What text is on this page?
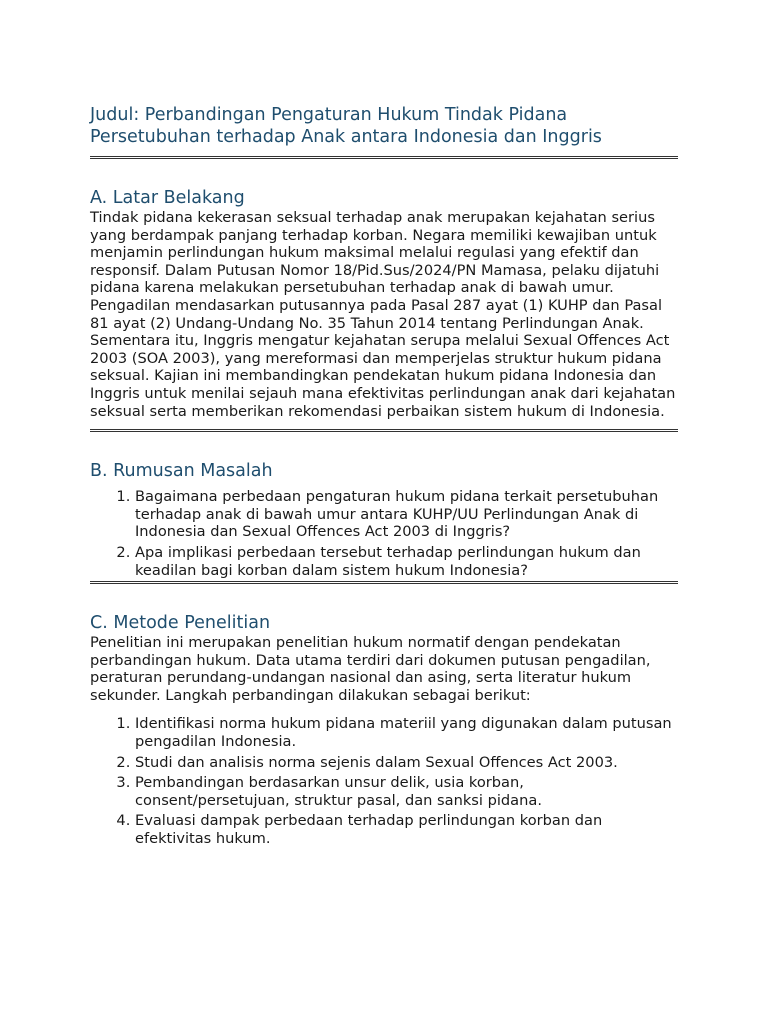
Judul: Perbandingan Pengaturan Hukum Tindak Pidana
Persetubuhan terhadap Anak antara Indonesia dan Inggris
A. Latar Belakang

Tindak pidana kekerasan seksual terhadap anak merupakan kejahatan serius yang berdampak panjang terhadap korban. Negara memiliki kewajiban untuk menjamin perlindungan hukum maksimal melalui regulasi yang efektif dan responsif. Dalam Putusan Nomor 18/Pid.Sus/2024/PN Mamasa, pelaku dijatuhi pidana karena melakukan persetubuhan terhadap anak di bawah umur. Pengadilan mendasarkan putusannya pada Pasal 287 ayat (1) KUHP dan Pasal 81 ayat (2) Undang-Undang No. 35 Tahun 2014 tentang Perlindungan Anak.

Sementara itu, Inggris mengatur kejahatan serupa melalui Sexual Offences Act 2003 (SOA 2003), yang mereformasi dan memperjelas struktur hukum pidana seksual. Kajian ini membandingkan pendekatan hukum pidana Indonesia dan Inggris untuk menilai sejauh mana efektivitas perlindungan anak dari kejahatan seksual serta memberikan rekomendasi perbaikan sistem hukum di Indonesia.

B. Rumusan Masalah
1. Bagaimana perbedaan pengaturan hukum pidana terkait persetubuhan terhadap anak di bawah umur antara KUHP/UU Perlindungan Anak di Indonesia dan Sexual Offences Act 2003 di Inggris?
2. Apa implikasi perbedaan tersebut terhadap perlindungan hukum dan keadilan bagi korban dalam sistem hukum Indonesia?
C. Metode Penelitian

Penelitian ini merupakan penelitian hukum normatif dengan pendekatan perbandingan hukum. Data utama terdiri dari dokumen putusan pengadilan, peraturan perundang-undangan nasional dan asing, serta literatur hukum sekunder. Langkah perbandingan dilakukan sebagai berikut:

1. Identifikasi norma hukum pidana materiil yang digunakan dalam putusan pengadilan Indonesia.
2. Studi dan analisis norma sejenis dalam Sexual Offences Act 2003.
3. Pembandingan berdasarkan unsur delik, usia korban, consent/persetujuan, struktur pasal, dan sanksi pidana.
4. Evaluasi dampak perbedaan terhadap perlindungan korban dan efektivitas hukum.
